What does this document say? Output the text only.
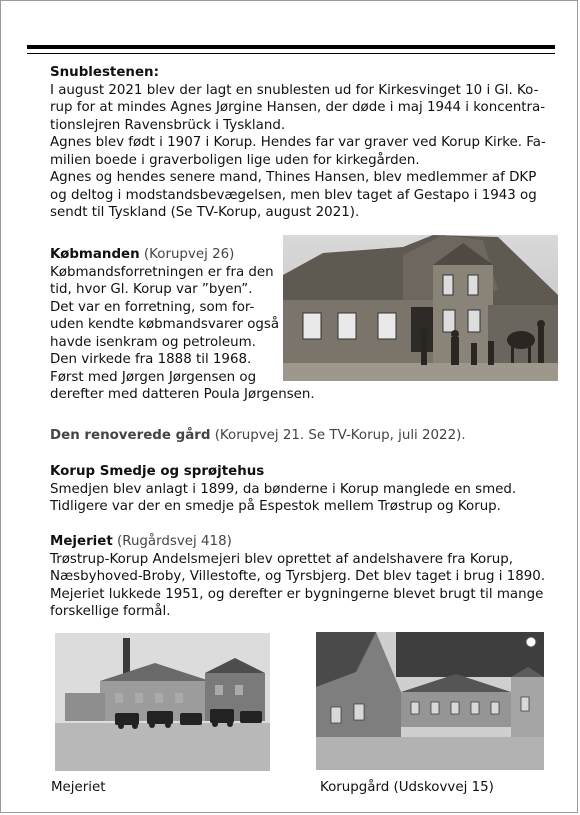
Snublestenen:

I august 2021 blev der lagt en snublesten ud for Kirkesvinget 10 i Gl. Ko-

rup for at mindes Agnes Jørgine Hansen, der døde i maj 1944 i koncentra-

tionslejren Ravensbrück i Tyskland.

Agnes blev født i 1907 i Korup. Hendes far var graver ved Korup Kirke. Fa-

milien boede i graverboligen lige uden for kirkegården.

Agnes og hendes senere mand, Thines Hansen, blev medlemmer af DKP

og deltog i modstandsbevægelsen, men blev taget af Gestapo i 1943 og

sendt til Tyskland (Se TV-Korup, august 2021).

Købmanden (Korupvej 26)

Købmandsforretningen er fra den

tid, hvor Gl. Korup var ”byen”.

Det var en forretning, som for-

uden kendte købmandsvarer også

havde isenkram og petroleum.

Den virkede fra 1888 til 1968.

Først med Jørgen Jørgensen og

derefter med datteren Poula Jørgensen.

Den renoverede gård (Korupvej 21. Se TV-Korup, juli 2022).

Korup Smedje og sprøjtehus

Smedjen blev anlagt i 1899, da bønderne i Korup manglede en smed.

Tidligere var der en smedje på Espestok mellem Trøstrup og Korup.

Mejeriet (Rugårdsvej 418)

Trøstrup-Korup Andelsmejeri blev oprettet af andelshavere fra Korup,

Næsbyhoved-Broby, Villestofte, og Tyrsbjerg. Det blev taget i brug i 1890.

Mejeriet lukkede 1951, og derefter er bygningerne blevet brugt til mange

forskellige formål.

Mejeriet	Korupgård (Udskovvej 15)
